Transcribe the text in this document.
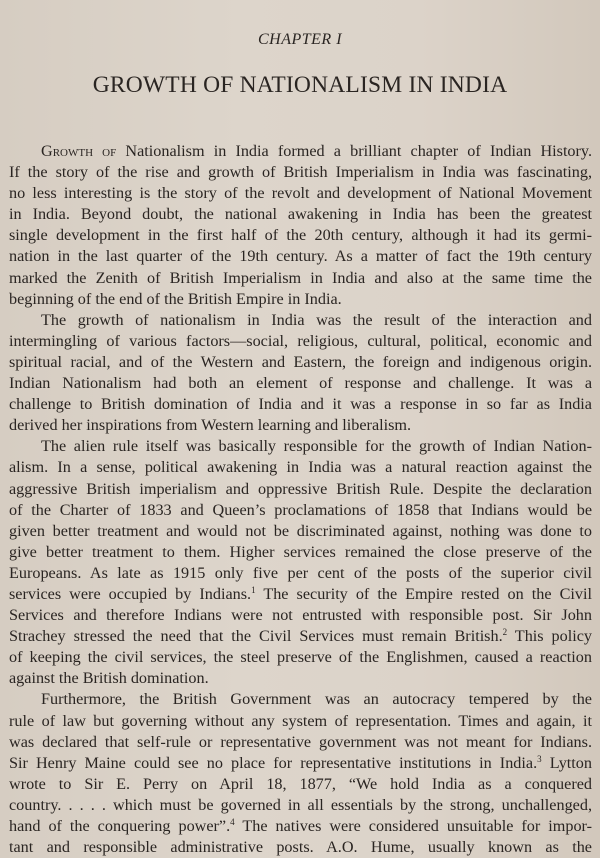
CHAPTER I
GROWTH OF NATIONALISM IN INDIA
Growth of Nationalism in India formed a brilliant chapter of Indian History.
If the story of the rise and growth of British Imperialism in India was fascinating,
no less interesting is the story of the revolt and development of National Movement
in India. Beyond doubt, the national awakening in India has been the greatest
single development in the first half of the 20th century, although it had its germi-
nation in the last quarter of the 19th century. As a matter of fact the 19th century
marked the Zenith of British Imperialism in India and also at the same time the
beginning of the end of the British Empire in India.
The growth of nationalism in India was the result of the interaction and
intermingling of various factors—social, religious, cultural, political, economic and
spiritual racial, and of the Western and Eastern, the foreign and indigenous origin.
Indian Nationalism had both an element of response and challenge. It was a
challenge to British domination of India and it was a response in so far as India
derived her inspirations from Western learning and liberalism.
The alien rule itself was basically responsible for the growth of Indian Nation-
alism. In a sense, political awakening in India was a natural reaction against the
aggressive British imperialism and oppressive British Rule. Despite the declaration
of the Charter of 1833 and Queen’s proclamations of 1858 that Indians would be
given better treatment and would not be discriminated against, nothing was done to
give better treatment to them. Higher services remained the close preserve of the
Europeans. As late as 1915 only five per cent of the posts of the superior civil
services were occupied by Indians.$^1$ The security of the Empire rested on the Civil
Services and therefore Indians were not entrusted with responsible post. Sir John
Strachey stressed the need that the Civil Services must remain British.$^2$ This policy
of keeping the civil services, the steel preserve of the Englishmen, caused a reaction
against the British domination.
Furthermore, the British Government was an autocracy tempered by the
rule of law but governing without any system of representation. Times and again, it
was declared that self-rule or representative government was not meant for Indians.
Sir Henry Maine could see no place for representative institutions in India.$^3$ Lytton
wrote to Sir E. Perry on April 18, 1877, “We hold India as a conquered
country. . . . . which must be governed in all essentials by the strong, unchallenged,
hand of the conquering power”.$^4$ The natives were considered unsuitable for impor-
tant and responsible administrative posts. A.O. Hume, usually known as the
